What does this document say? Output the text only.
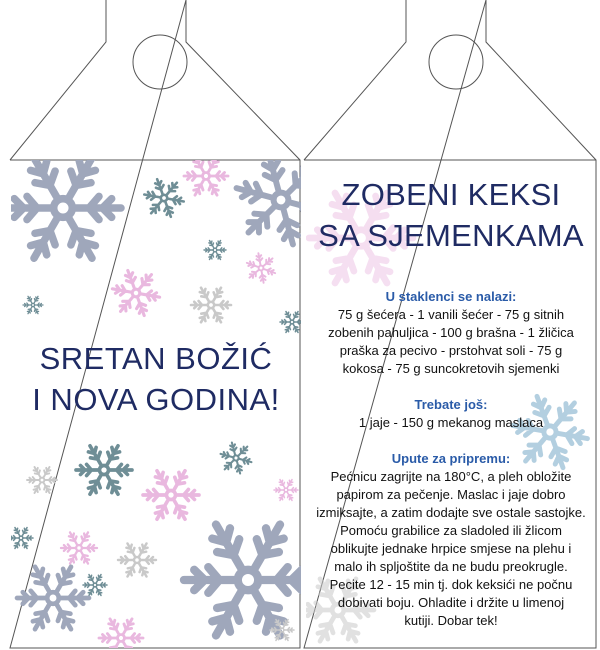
SRETAN BOŽIĆ
I NOVA GODINA!
ZOBENI KEKSI
SA SJEMENKAMA
U staklenci se nalazi:
75 g šećera - 1 vanili šećer - 75 g sitnih
zobenih pahuljica - 100 g brašna - 1 žličica
praška za pecivo - prstohvat soli - 75 g
kokosa - 75 g suncokretovih sjemenki
Trebate još:
1 jaje - 150 g mekanog maslaca
Upute za pripremu:
Pećnicu zagrijte na 180°C, a pleh obložite
papirom za pečenje. Maslac i jaje dobro
izmiksajte, a zatim dodajte sve ostale sastojke.
Pomoću grabilice za sladoled ili žlicom
oblikujte jednake hrpice smjese na plehu i
malo ih spljoštite da ne budu preokrugle.
Pecite 12 - 15 min tj. dok keksići ne počnu
dobivati boju. Ohladite i držite u limenoj
kutiji. Dobar tek!
